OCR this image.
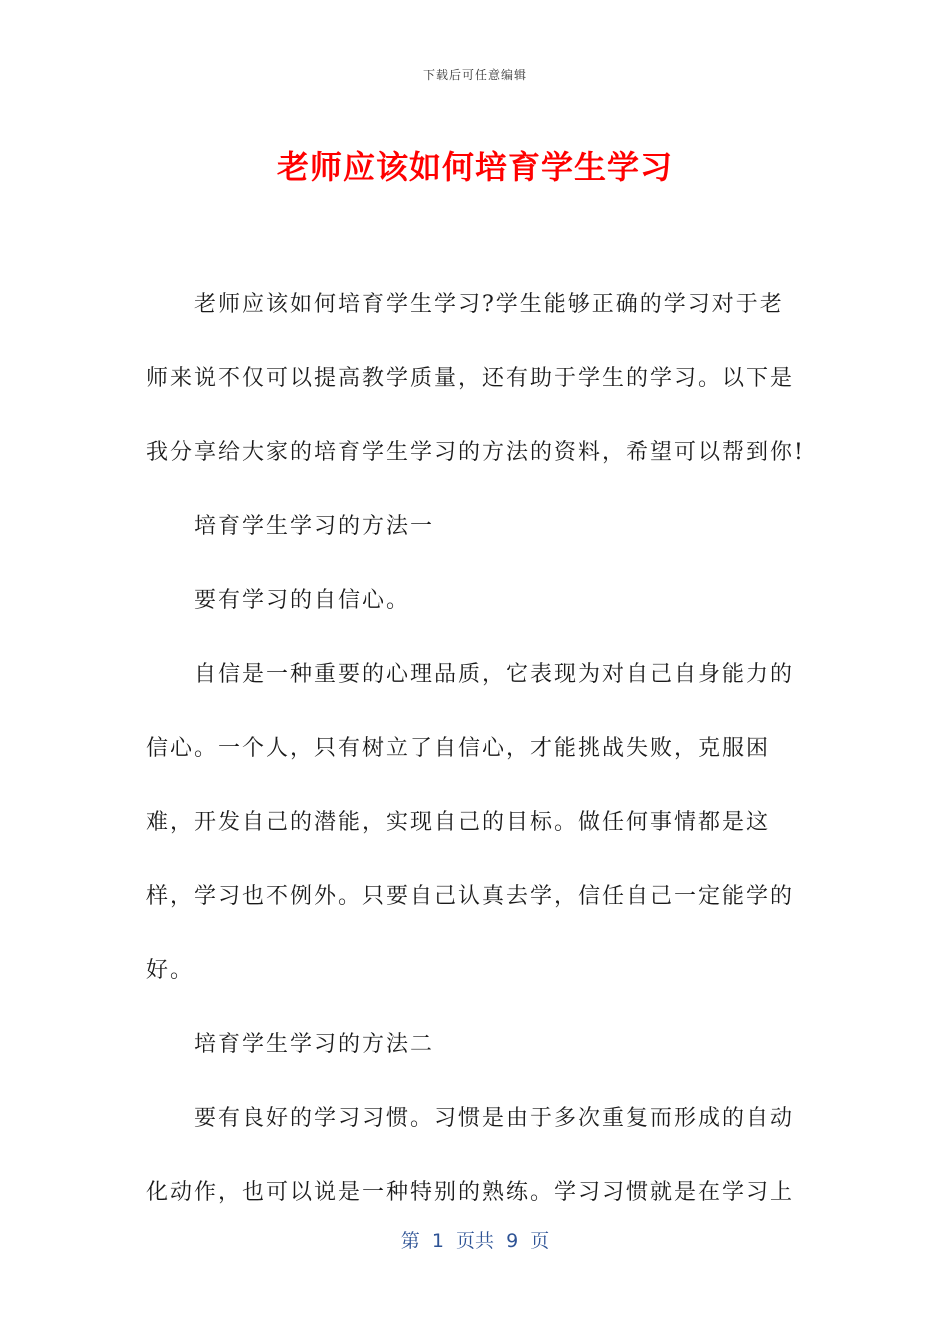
下载后可任意编辑
老师应该如何培育学生学习

老师应该如何培育学生学习?学生能够正确的学习对于老师来说不仅可以提高教学质量，还有助于学生的学习。以下是我分享给大家的培育学生学习的方法的资料，希望可以帮到你!

培育学生学习的方法一

要有学习的自信心。

自信是一种重要的心理品质，它表现为对自己自身能力的信心。一个人，只有树立了自信心，才能挑战失败，克服困难，开发自己的潜能，实现自己的目标。做任何事情都是这样，学习也不例外。只要自己认真去学，信任自己一定能学的好。

培育学生学习的方法二

要有良好的学习习惯。习惯是由于多次重复而形成的自动化动作，也可以说是一种特别的熟练。学习习惯就是在学习上

第  1  页共  9  页
